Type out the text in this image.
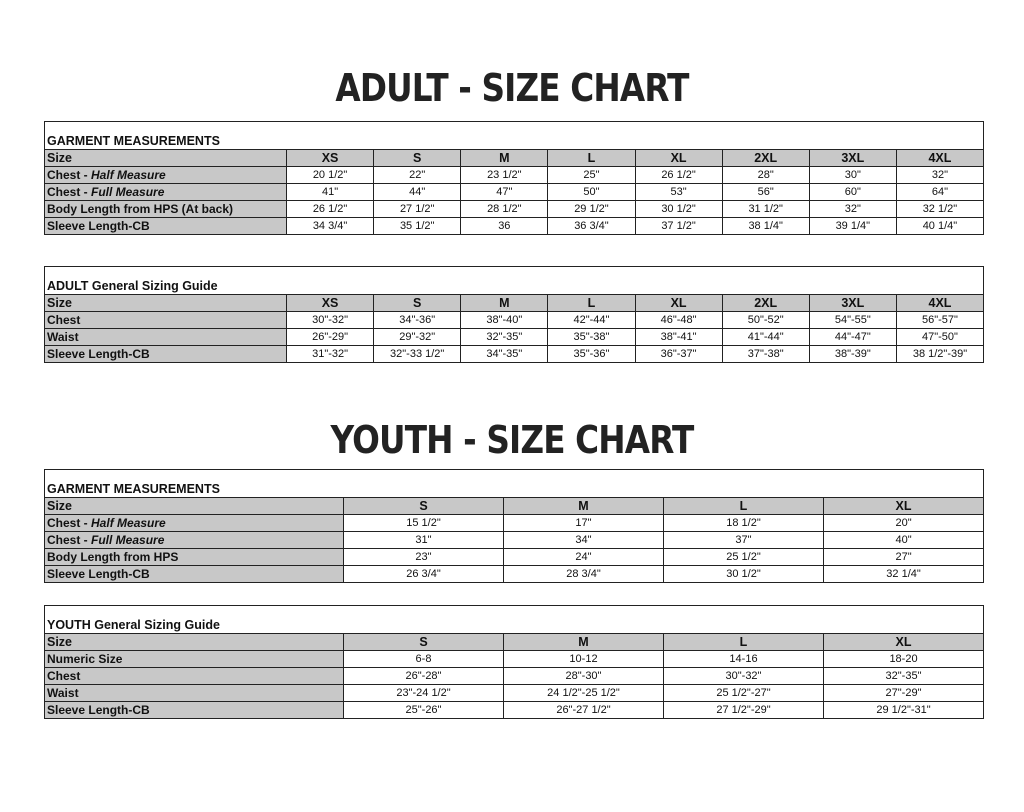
ADULT - SIZE CHART
GARMENT MEASUREMENTS								
Size	XS	S	M	L	XL	2XL	3XL	4XL
Chest - Half Measure	20 1/2"	22"	23 1/2"	25"	26 1/2"	28"	30"	32"
Chest - Full Measure	41"	44"	47"	50"	53"	56"	60"	64"
Body Length from HPS (At back)	26 1/2"	27 1/2"	28 1/2"	29 1/2"	30 1/2"	31 1/2"	32"	32 1/2"
Sleeve Length-CB	34 3/4"	35 1/2"	36	36 3/4"	37 1/2"	38 1/4"	39 1/4"	40 1/4"
ADULT General Sizing Guide								
Size	XS	S	M	L	XL	2XL	3XL	4XL
Chest	30"-32"	34"-36"	38"-40"	42"-44"	46"-48"	50"-52"	54"-55"	56"-57"
Waist	26"-29"	29"-32"	32"-35"	35"-38"	38"-41"	41"-44"	44"-47"	47"-50"
Sleeve Length-CB	31"-32"	32"-33 1/2"	34"-35"	35"-36"	36"-37"	37"-38"	38"-39"	38 1/2"-39"
YOUTH - SIZE CHART
GARMENT MEASUREMENTS				
Size	S	M	L	XL
Chest - Half Measure	15 1/2"	17"	18 1/2"	20"
Chest - Full Measure	31"	34"	37"	40"
Body Length from HPS	23"	24"	25 1/2"	27"
Sleeve Length-CB	26 3/4"	28 3/4"	30 1/2"	32 1/4"
YOUTH General Sizing Guide				
Size	S	M	L	XL
Numeric Size	6-8	10-12	14-16	18-20
Chest	26"-28"	28"-30"	30"-32"	32"-35"
Waist	23"-24 1/2"	24 1/2"-25 1/2"	25 1/2"-27"	27"-29"
Sleeve Length-CB	25"-26"	26"-27 1/2"	27 1/2"-29"	29 1/2"-31"
